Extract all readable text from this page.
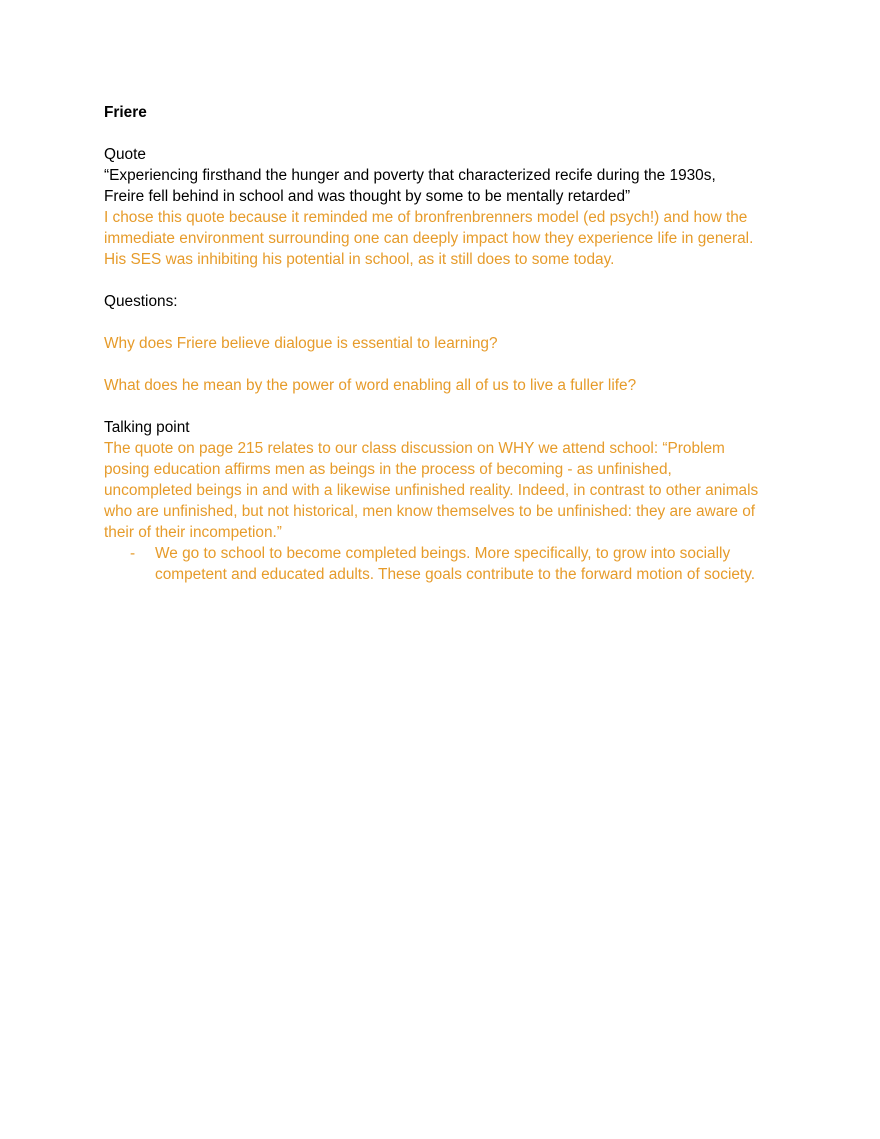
Friere

Quote

“Experiencing firsthand the hunger and poverty that characterized recife during the 1930s,
Freire fell behind in school and was thought by some to be mentally retarded”
I chose this quote because it reminded me of bronfrenbrenners model (ed psych!) and how the
immediate environment surrounding one can deeply impact how they experience life in general.
His SES was inhibiting his potential in school, as it still does to some today.

Questions:

Why does Friere believe dialogue is essential to learning?

What does he mean by the power of word enabling all of us to live a fuller life?

Talking point

The quote on page 215 relates to our class discussion on WHY we attend school: “Problem
posing education affirms men as beings in the process of becoming - as unfinished,
uncompleted beings in and with a likewise unfinished reality. Indeed, in contrast to other animals
who are unfinished, but not historical, men know themselves to be unfinished: they are aware of
their of their incompetion.”
-	We go to school to become completed beings. More specifically, to grow into socially
competent and educated adults. These goals contribute to the forward motion of society.
